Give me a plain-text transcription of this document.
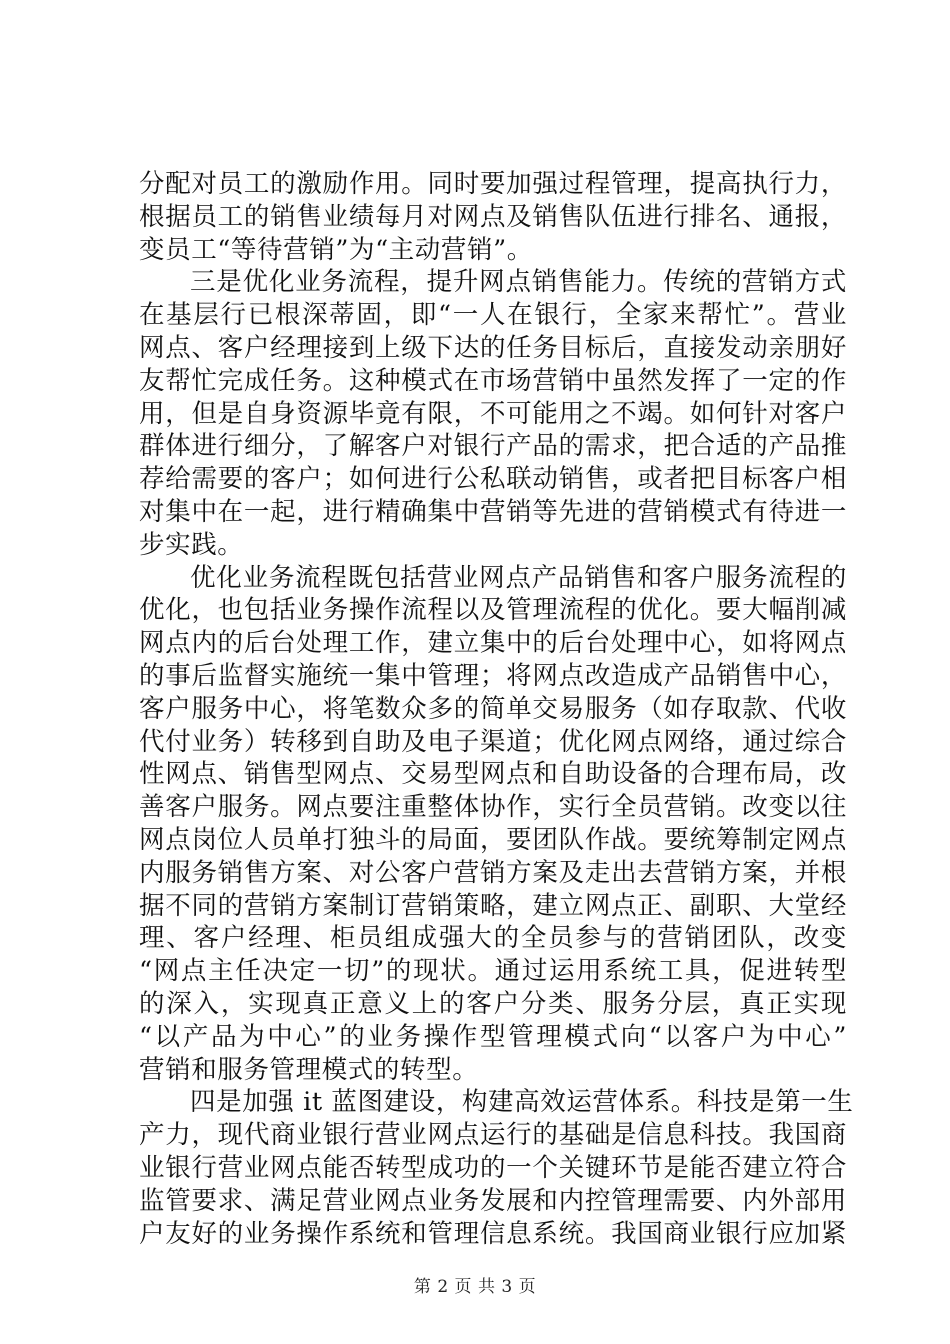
分配对员工的激励作用。同时要加强过程管理，提高执行力，
根据员工的销售业绩每月对网点及销售队伍进行排名、通报，
变员工“等待营销”为“主动营销”。
三是优化业务流程，提升网点销售能力。传统的营销方式
在基层行已根深蒂固，即“一人在银行，全家来帮忙”。营业
网点、客户经理接到上级下达的任务目标后，直接发动亲朋好
友帮忙完成任务。这种模式在市场营销中虽然发挥了一定的作
用，但是自身资源毕竟有限，不可能用之不竭。如何针对客户
群体进行细分，了解客户对银行产品的需求，把合适的产品推
荐给需要的客户；如何进行公私联动销售，或者把目标客户相
对集中在一起，进行精确集中营销等先进的营销模式有待进一
步实践。
优化业务流程既包括营业网点产品销售和客户服务流程的
优化，也包括业务操作流程以及管理流程的优化。要大幅削减
网点内的后台处理工作，建立集中的后台处理中心，如将网点
的事后监督实施统一集中管理；将网点改造成产品销售中心，
客户服务中心，将笔数众多的简单交易服务（如存取款、代收
代付业务）转移到自助及电子渠道；优化网点网络，通过综合
性网点、销售型网点、交易型网点和自助设备的合理布局，改
善客户服务。网点要注重整体协作，实行全员营销。改变以往
网点岗位人员单打独斗的局面，要团队作战。要统筹制定网点
内服务销售方案、对公客户营销方案及走出去营销方案，并根
据不同的营销方案制订营销策略，建立网点正、副职、大堂经
理、客户经理、柜员组成强大的全员参与的营销团队，改变
“网点主任决定一切”的现状。通过运用系统工具，促进转型
的深入，实现真正意义上的客户分类、服务分层，真正实现
“以产品为中心”的业务操作型管理模式向“以客户为中心”
营销和服务管理模式的转型。
四是加强 it 蓝图建设，构建高效运营体系。科技是第一生
产力，现代商业银行营业网点运行的基础是信息科技。我国商
业银行营业网点能否转型成功的一个关键环节是能否建立符合
监管要求、满足营业网点业务发展和内控管理需要、内外部用
户友好的业务操作系统和管理信息系统。我国商业银行应加紧
第 2 页 共 3 页
